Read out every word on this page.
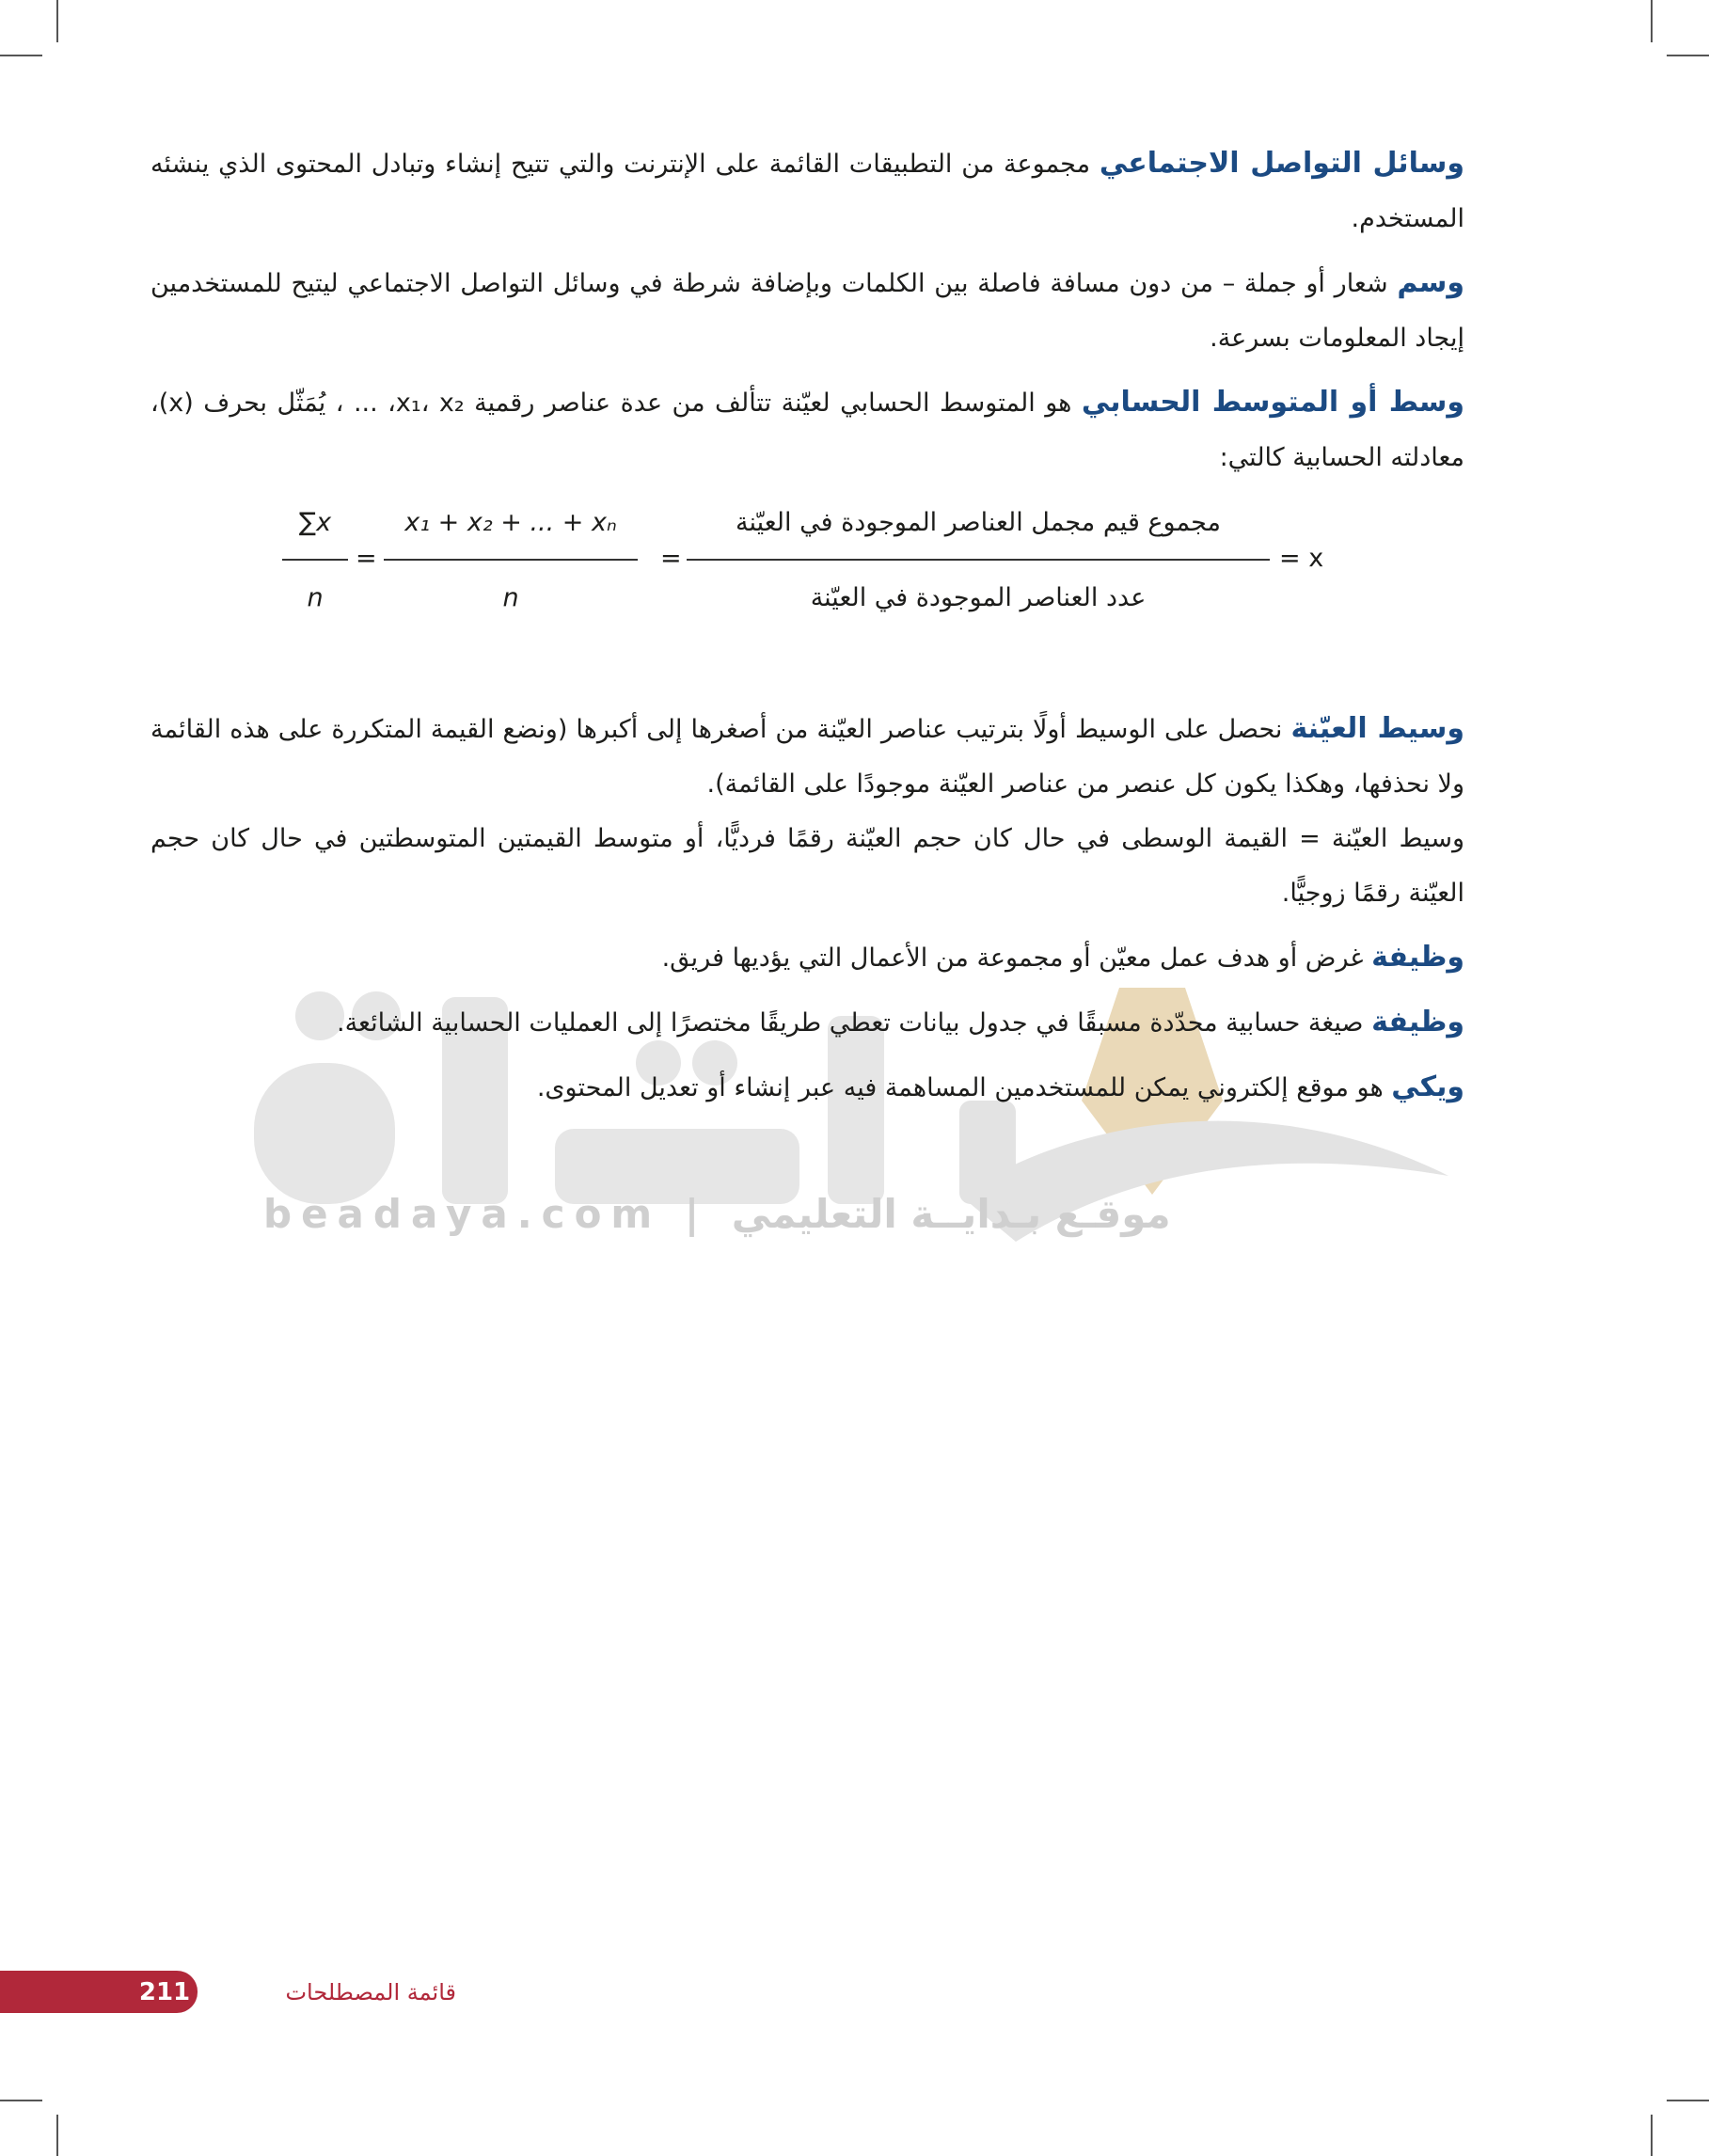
beadaya.com | موقـع بـدايــة التعليمي

وسائل التواصل الاجتماعي مجموعة من التطبيقات القائمة على الإنترنت والتي تتيح إنشاء وتبادل المحتوى الذي ينشئه المستخدم.

وسم شعار أو جملة – من دون مسافة فاصلة بين الكلمات وبإضافة شرطة في وسائل التواصل الاجتماعي ليتيح للمستخدمين إيجاد المعلومات بسرعة.

وسط أو المتوسط الحسابي هو المتوسط الحسابي لعيّنة تتألف من عدة عناصر رقمية x₁، x₂، ... ، يُمَثّل بحرف (x)، معادلته الحسابية كالتي:

وسيط العيّنة نحصل على الوسيط أولًا بترتيب عناصر العيّنة من أصغرها إلى أكبرها (ونضع القيمة المتكررة على هذه القائمة ولا نحذفها، وهكذا يكون كل عنصر من عناصر العيّنة موجودًا على القائمة).

وسيط العيّنة = القيمة الوسطى في حال كان حجم العيّنة رقمًا فرديًّا، أو متوسط القيمتين المتوسطتين في حال كان حجم العيّنة رقمًا زوجيًّا.

وظيفة غرض أو هدف عمل معيّن أو مجموعة من الأعمال التي يؤديها فريق.

وظيفة صيغة حسابية محدّدة مسبقًا في جدول بيانات تعطي طريقًا مختصرًا إلى العمليات الحسابية الشائعة.

ويكي هو موقع إلكتروني يمكن للمستخدمين المساهمة فيه عبر إنشاء أو تعديل المحتوى.

∑x
n
=
x₁ + x₂ + ... + xₙ
n
=
مجموع قيم مجمل العناصر الموجودة في العيّنة
عدد العناصر الموجودة في العيّنة
x =
211	قائمة المصطلحات
